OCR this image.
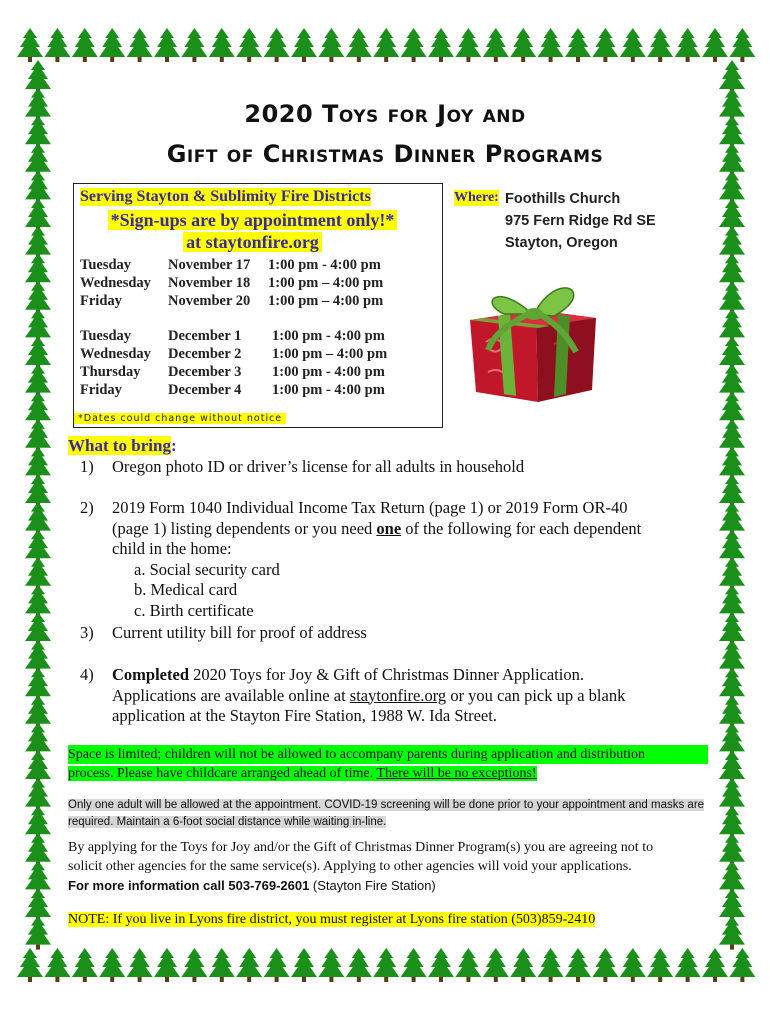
2020 Toys for Joy and
Gift of Christmas Dinner Programs
Serving Stayton & Sublimity Fire Districts
*Sign-ups are by appointment only!*
at staytonfire.org
Tuesday
Wednesday
Friday
November 17
November 18
November 20
1:00 pm - 4:00 pm
1:00 pm – 4:00 pm
1:00 pm – 4:00 pm
Tuesday
Wednesday
Thursday
Friday
December 1
December 2
December 3
December 4
1:00 pm - 4:00 pm
1:00 pm – 4:00 pm
1:00 pm - 4:00 pm
1:00 pm - 4:00 pm
*Dates could change without notice
Where: Foothills Church
975 Fern Ridge Rd SE
Stayton, Oregon
What to bring:
1) Oregon photo ID or driver’s license for all adults in household
2) 2019 Form 1040 Individual Income Tax Return (page 1) or 2019 Form OR-40
(page 1) listing dependents or you need one of the following for each dependent
child in the home:
a. Social security card
b. Medical card
c. Birth certificate
3) Current utility bill for proof of address
4) Completed 2020 Toys for Joy & Gift of Christmas Dinner Application.
Applications are available online at staytonfire.org or you can pick up a blank
application at the Stayton Fire Station, 1988 W. Ida Street.
Space is limited; children will not be allowed to accompany parents during application and distribution
process. Please have childcare arranged ahead of time. There will be no exceptions!
Only one adult will be allowed at the appointment. COVID-19 screening will be done prior to your appointment and masks are
required. Maintain a 6-foot social distance while waiting in-line.
By applying for the Toys for Joy and/or the Gift of Christmas Dinner Program(s) you are agreeing not to
solicit other agencies for the same service(s). Applying to other agencies will void your applications.
For more information call 503-769-2601 (Stayton Fire Station)
NOTE: If you live in Lyons fire district, you must register at Lyons fire station (503)859-2410
